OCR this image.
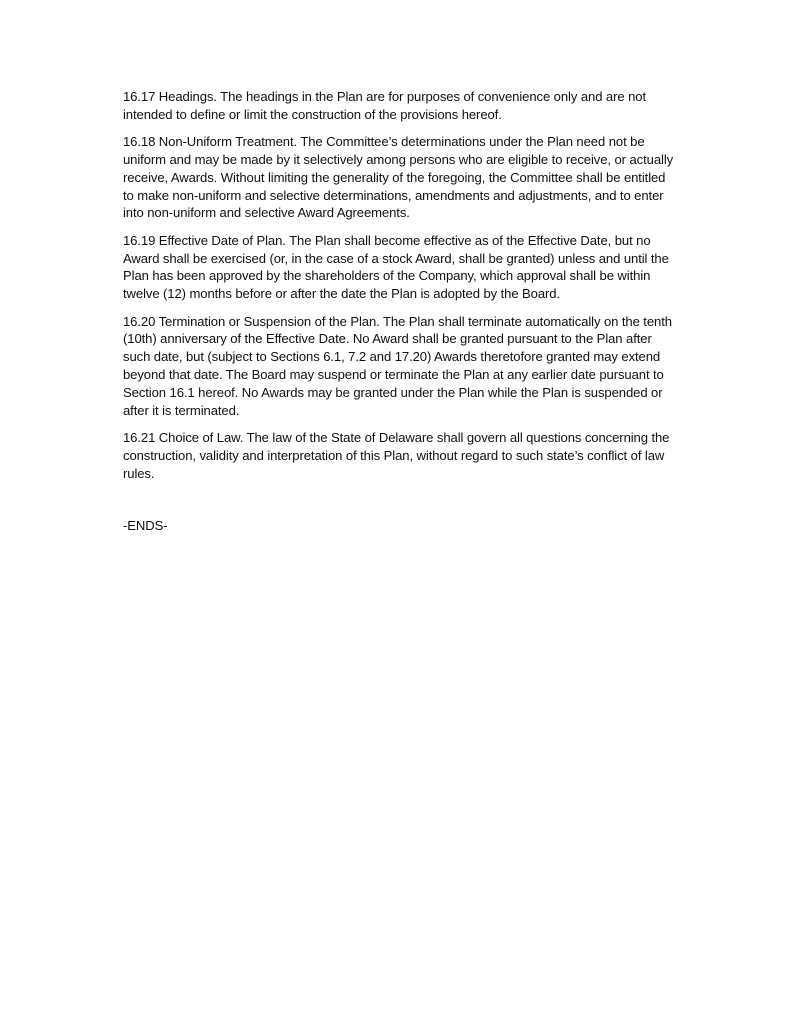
16.17 Headings. The headings in the Plan are for purposes of convenience only and are not intended to define or limit the construction of the provisions hereof.

16.18 Non-Uniform Treatment. The Committee’s determinations under the Plan need not be uniform and may be made by it selectively among persons who are eligible to receive, or actually receive, Awards. Without limiting the generality of the foregoing, the Committee shall be entitled to make non-uniform and selective determinations, amendments and adjustments, and to enter into non-uniform and selective Award Agreements.

16.19 Effective Date of Plan. The Plan shall become effective as of the Effective Date, but no Award shall be exercised (or, in the case of a stock Award, shall be granted) unless and until the Plan has been approved by the shareholders of the Company, which approval shall be within twelve (12) months before or after the date the Plan is adopted by the Board.

16.20 Termination or Suspension of the Plan. The Plan shall terminate automatically on the tenth (10th) anniversary of the Effective Date. No Award shall be granted pursuant to the Plan after such date, but (subject to Sections 6.1, 7.2 and 17.20) Awards theretofore granted may extend beyond that date. The Board may suspend or terminate the Plan at any earlier date pursuant to Section 16.1 hereof. No Awards may be granted under the Plan while the Plan is suspended or after it is terminated.

16.21 Choice of Law. The law of the State of Delaware shall govern all questions concerning the construction, validity and interpretation of this Plan, without regard to such state’s conflict of law rules.

-ENDS-
